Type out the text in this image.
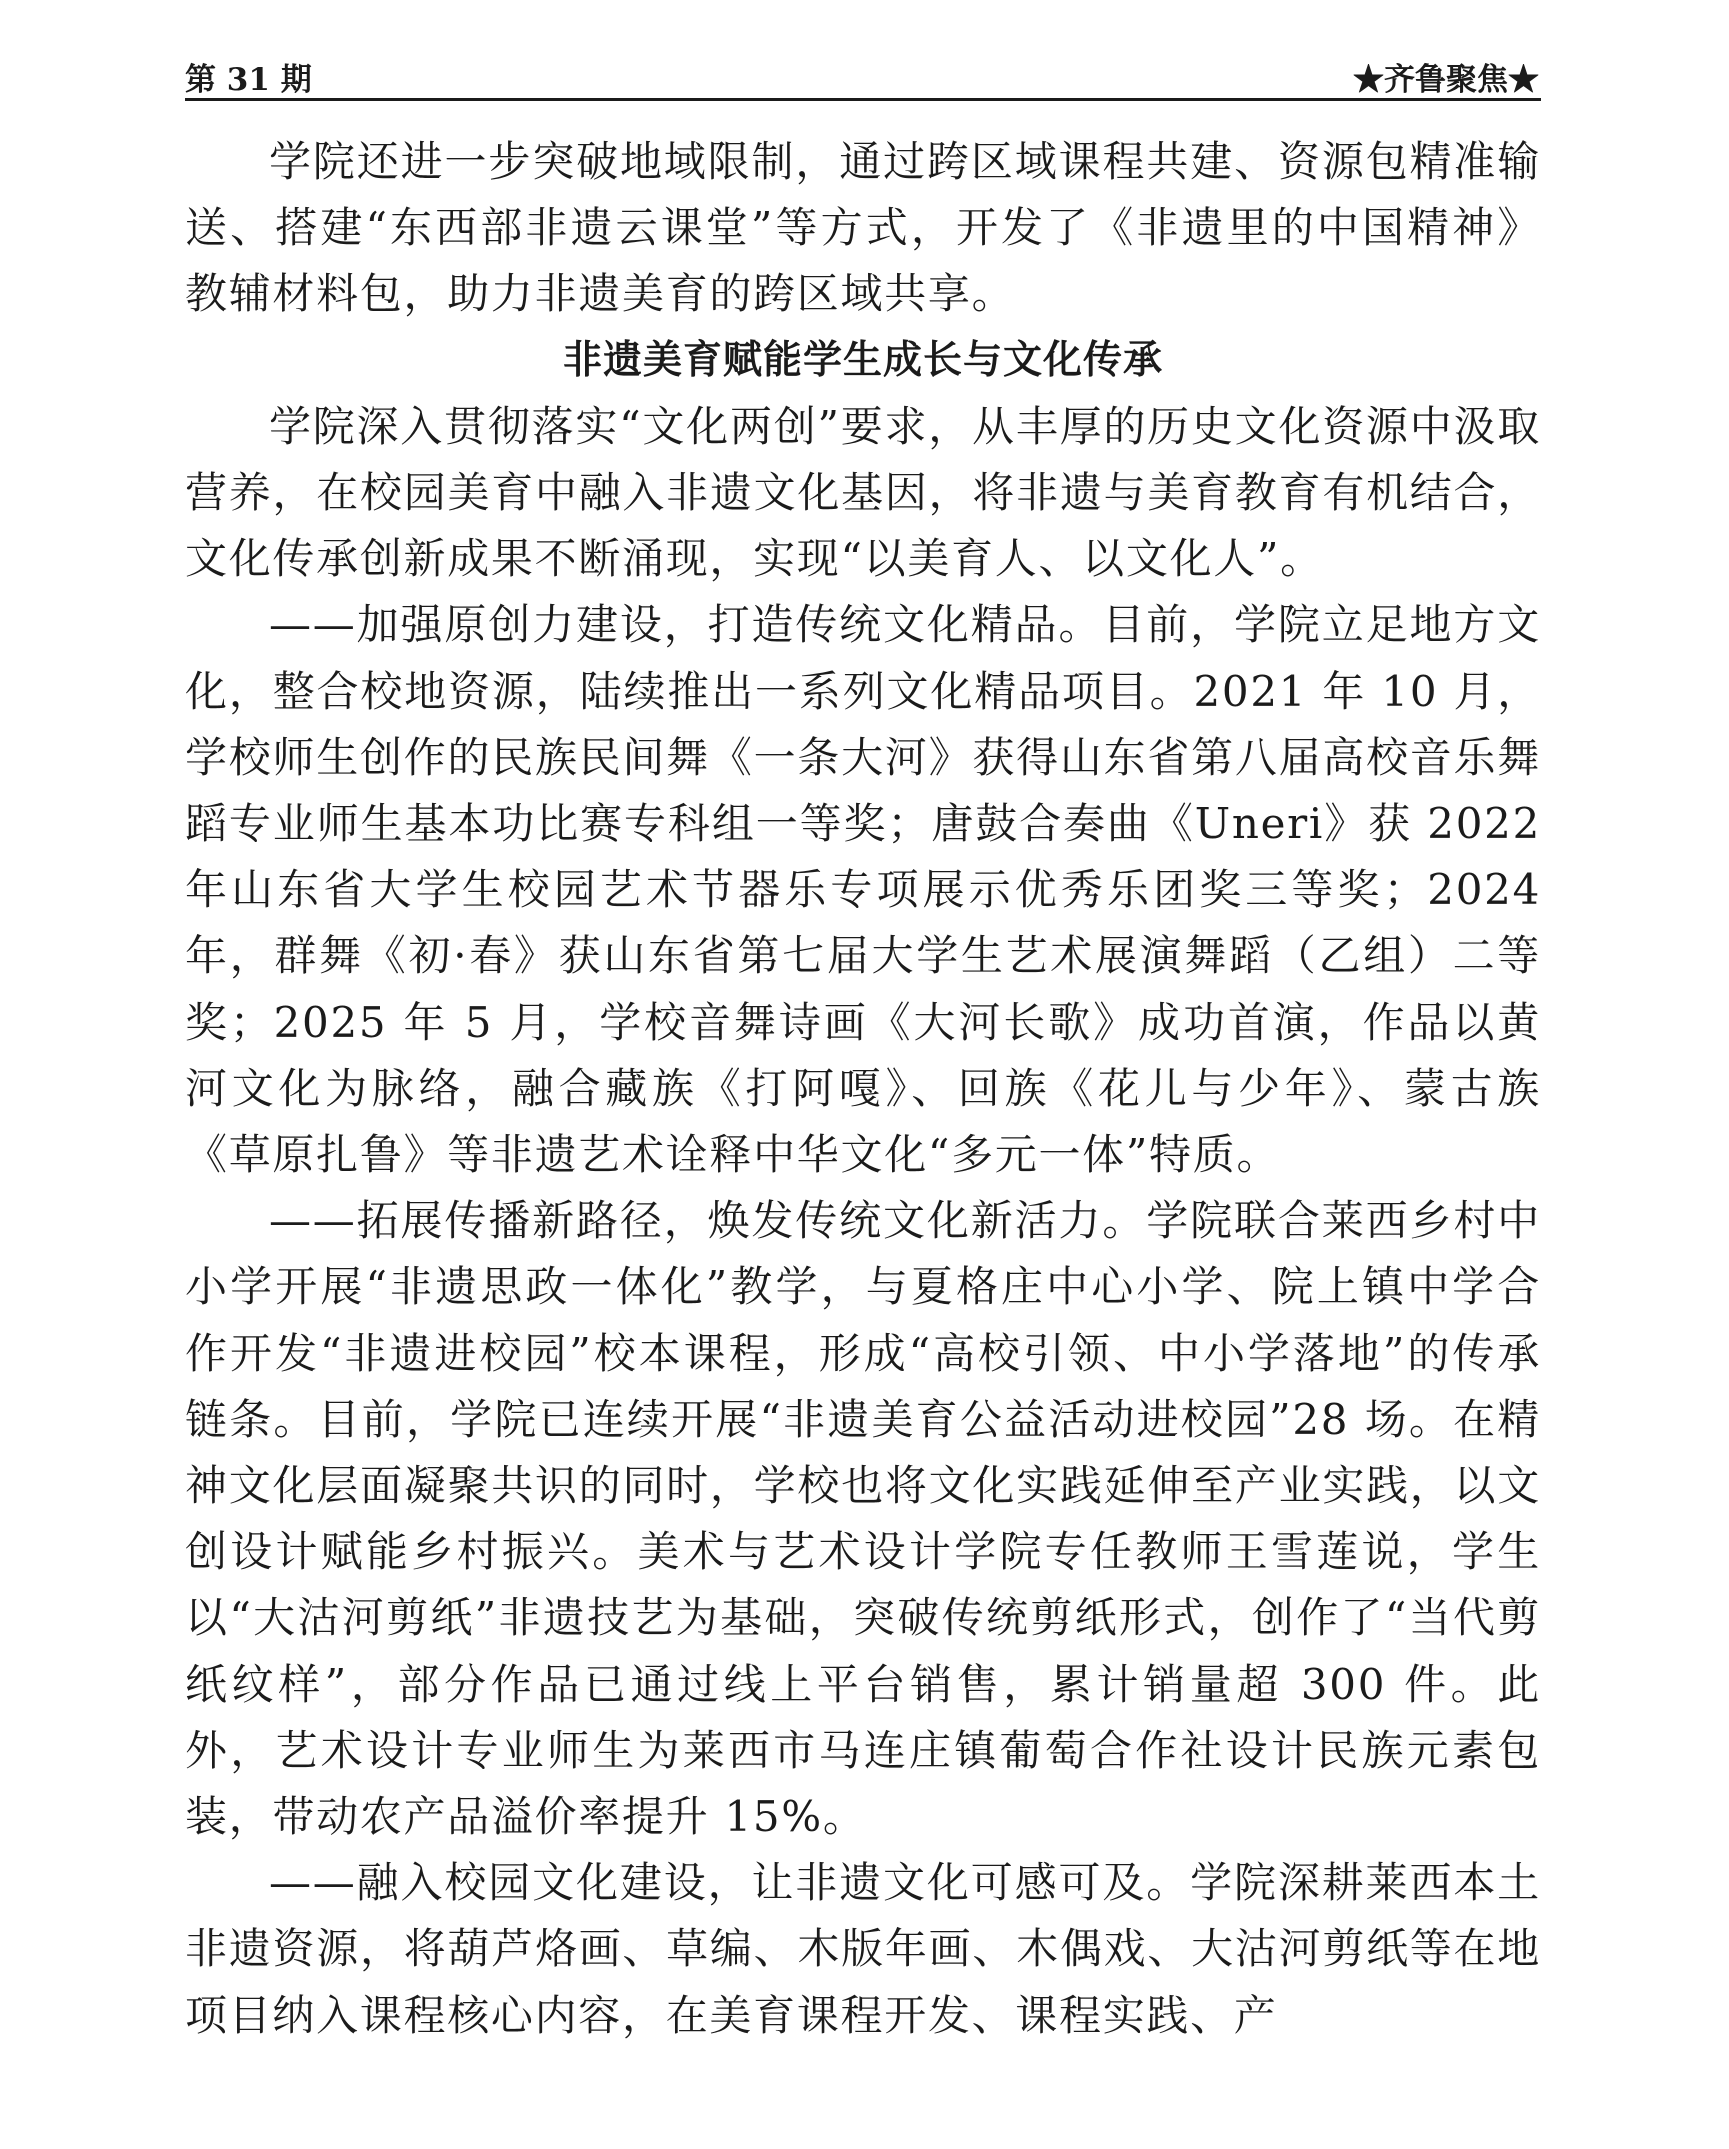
第 31 期	★齐鲁聚焦★

学院还进一步突破地域限制，通过跨区域课程共建、资源包精准输送、搭建“东西部非遗云课堂”等方式，开发了《非遗里的中国精神》教辅材料包，助力非遗美育的跨区域共享。

非遗美育赋能学生成长与文化传承

学院深入贯彻落实“文化两创”要求，从丰厚的历史文化资源中汲取营养，在校园美育中融入非遗文化基因，将非遗与美育教育有机结合，文化传承创新成果不断涌现，实现“以美育人、以文化人”。

——加强原创力建设，打造传统文化精品。目前，学院立足地方文化，整合校地资源，陆续推出一系列文化精品项目。2021 年 10 月，学校师生创作的民族民间舞《一条大河》获得山东省第八届高校音乐舞蹈专业师生基本功比赛专科组一等奖；唐鼓合奏曲《Uneri》获 2022 年山东省大学生校园艺术节器乐专项展示优秀乐团奖三等奖；2024 年，群舞《初·春》获山东省第七届大学生艺术展演舞蹈（乙组）二等奖；2025 年 5 月，学校音舞诗画《大河长歌》成功首演，作品以黄河文化为脉络，融合藏族《打阿嘎》、回族《花儿与少年》、蒙古族《草原扎鲁》等非遗艺术诠释中华文化“多元一体”特质。

——拓展传播新路径，焕发传统文化新活力。学院联合莱西乡村中小学开展“非遗思政一体化”教学，与夏格庄中心小学、院上镇中学合作开发“非遗进校园”校本课程，形成“高校引领、中小学落地”的传承链条。目前，学院已连续开展“非遗美育公益活动进校园”28 场。在精神文化层面凝聚共识的同时，学校也将文化实践延伸至产业实践，以文创设计赋能乡村振兴。美术与艺术设计学院专任教师王雪莲说，学生以“大沽河剪纸”非遗技艺为基础，突破传统剪纸形式，创作了“当代剪纸纹样”，部分作品已通过线上平台销售，累计销量超 300 件。此外，艺术设计专业师生为莱西市马连庄镇葡萄合作社设计民族元素包装，带动农产品溢价率提升 15%。

——融入校园文化建设，让非遗文化可感可及。学院深耕莱西本土非遗资源，将葫芦烙画、草编、木版年画、木偶戏、大沽河剪纸等在地项目纳入课程核心内容，在美育课程开发、课程实践、产
